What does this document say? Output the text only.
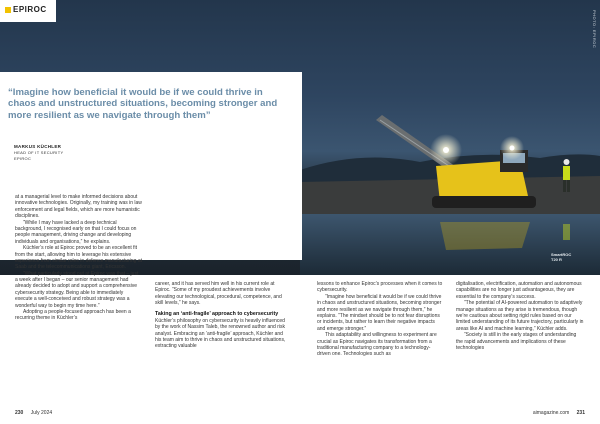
EPIROC
PHOTO: EPIROC
“Imagine how beneficial it would be if we could thrive in chaos and unstructured situations, becoming stronger and more resilient as we navigate through them”
MARKUS KÜCHLER
HEAD OF IT SECURITY
EPIROC

at a managerial level to make informed decisions about innovative technologies. Originally, my training was in law enforcement and legal fields, which are more humanistic disciplines.

“While I may have lacked a deep technical background, I recognised early on that I could focus on people management, driving change and developing individuals and organisations,” he explains.

Küchler’s role at Epiroc proved to be an excellent fit from the start, allowing him to leverage his extensive experience from similar roles in defence manufacturing at Saab and the telecommunications giant, Ericsson.

“What particularly stood out at Epiroc was that – just a week after I began – our senior management had already decided to adopt and support a comprehensive cybersecurity strategy. Being able to immediately execute a well-conceived and robust strategy was a wonderful way to begin my time here.”

Adopting a people-focused approach has been a recurring theme in Küchler’s

career, and it has served him well in his current role at Epiroc. “Some of my proudest achievements involve elevating our technological, procedural, competence, and skill levels,” he says.

Taking an ‘anti-fragile’ approach to cybersecurity

Küchler’s philosophy on cybersecurity is heavily influenced by the work of Nassim Taleb, the renowned author and risk analyst. Embracing an ‘anti-fragile’ approach, Küchler and his team aim to thrive in chaos and unstructured situations, extracting valuable

lessons to enhance Epiroc’s processes when it comes to cybersecurity.

“Imagine how beneficial it would be if we could thrive in chaos and unstructured situations, becoming stronger and more resilient as we navigate through them,” he explains. “The mindset should be to not fear disruptions or incidents, but rather to learn their negative impacts and emerge stronger.”

This adaptability and willingness to experiment are crucial as Epiroc navigates its transformation from a traditional manufacturing company to a technology-driven one. Technologies such as

digitalisation, electrification, automation and autonomous capabilities are no longer just advantageous, they are essential to the company’s success.

“The potential of AI-powered automation to adaptively manage situations as they arise is tremendous, though we’re cautious about setting rigid rules based on our limited understanding of its future trajectory, particularly in areas like AI and machine learning,” Küchler adds.

“Society is still in the early stages of understanding the rapid advancements and implications of these technologies

SmartROC
T20 R
230 July 2024	aimagazine.com 231
